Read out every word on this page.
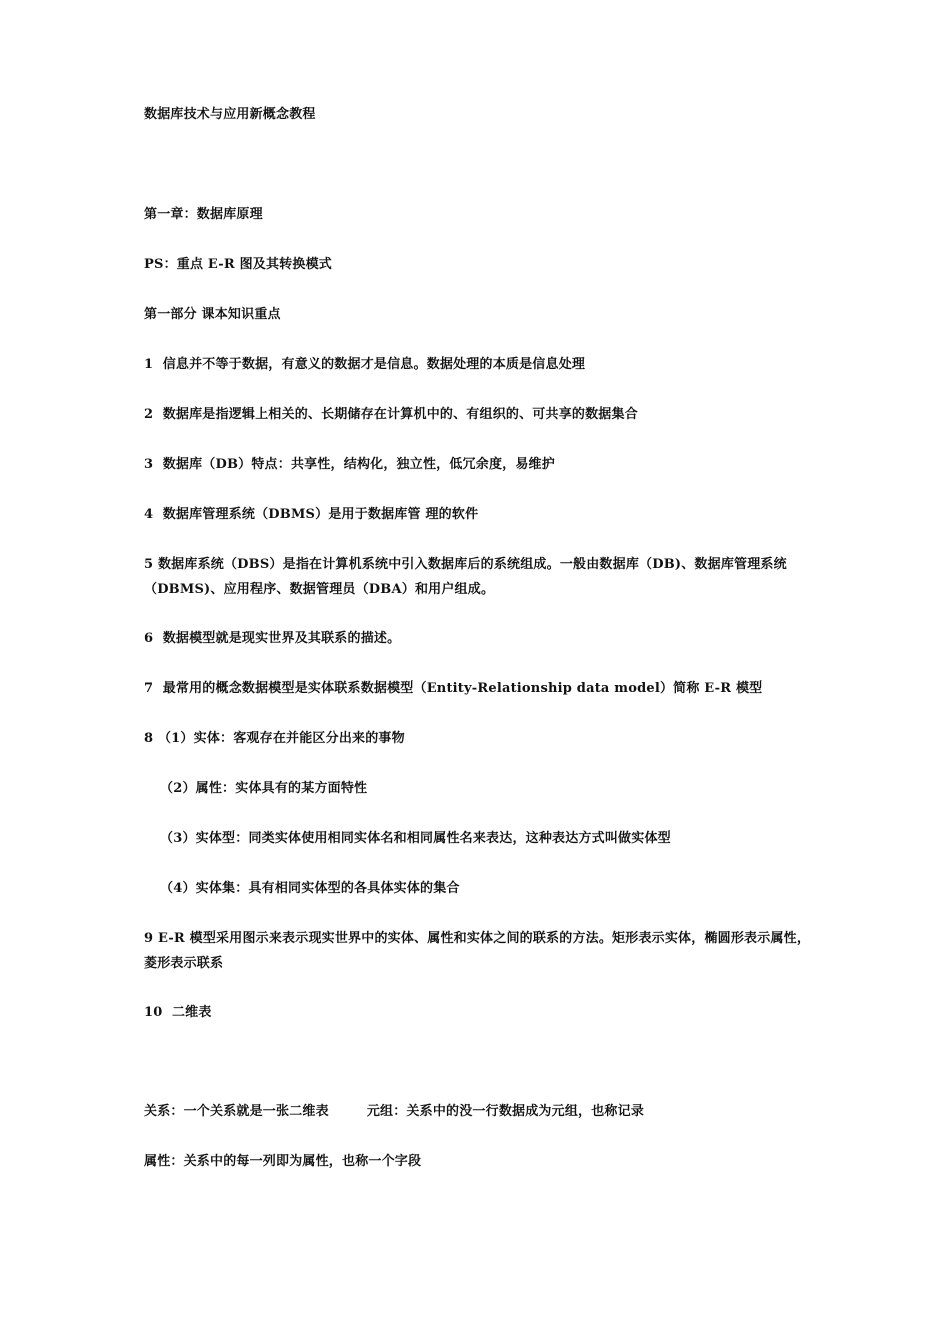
数据库技术与应用新概念教程
第一章：数据库原理
PS：重点 E-R 图及其转换模式
第一部分 课本知识重点
1  信息并不等于数据，有意义的数据才是信息。数据处理的本质是信息处理
2  数据库是指逻辑上相关的、长期储存在计算机中的、有组织的、可共享的数据集合
3  数据库（DB）特点：共享性，结构化，独立性，低冗余度，易维护
4  数据库管理系统（DBMS）是用于数据库管 理的软件
5 数据库系统（DBS）是指在计算机系统中引入数据库后的系统组成。一般由数据库（DB)、数据库管理系统（DBMS)、应用程序、数据管理员（DBA）和用户组成。
6  数据模型就是现实世界及其联系的描述。
7  最常用的概念数据模型是实体联系数据模型（Entity-Relationship data model）简称 E-R 模型
8 （1）实体：客观存在并能区分出来的事物
（2）属性：实体具有的某方面特性
（3）实体型：同类实体使用相同实体名和相同属性名来表达，这种表达方式叫做实体型
（4）实体集：具有相同实体型的各具体实体的集合
9 E-R 模型采用图示来表示现实世界中的实体、属性和实体之间的联系的方法。矩形表示实体，椭圆形表示属性，菱形表示联系
10  二维表
关系：一个关系就是一张二维表	元组：关系中的没一行数据成为元组，也称记录
属性：关系中的每一列即为属性，也称一个字段
